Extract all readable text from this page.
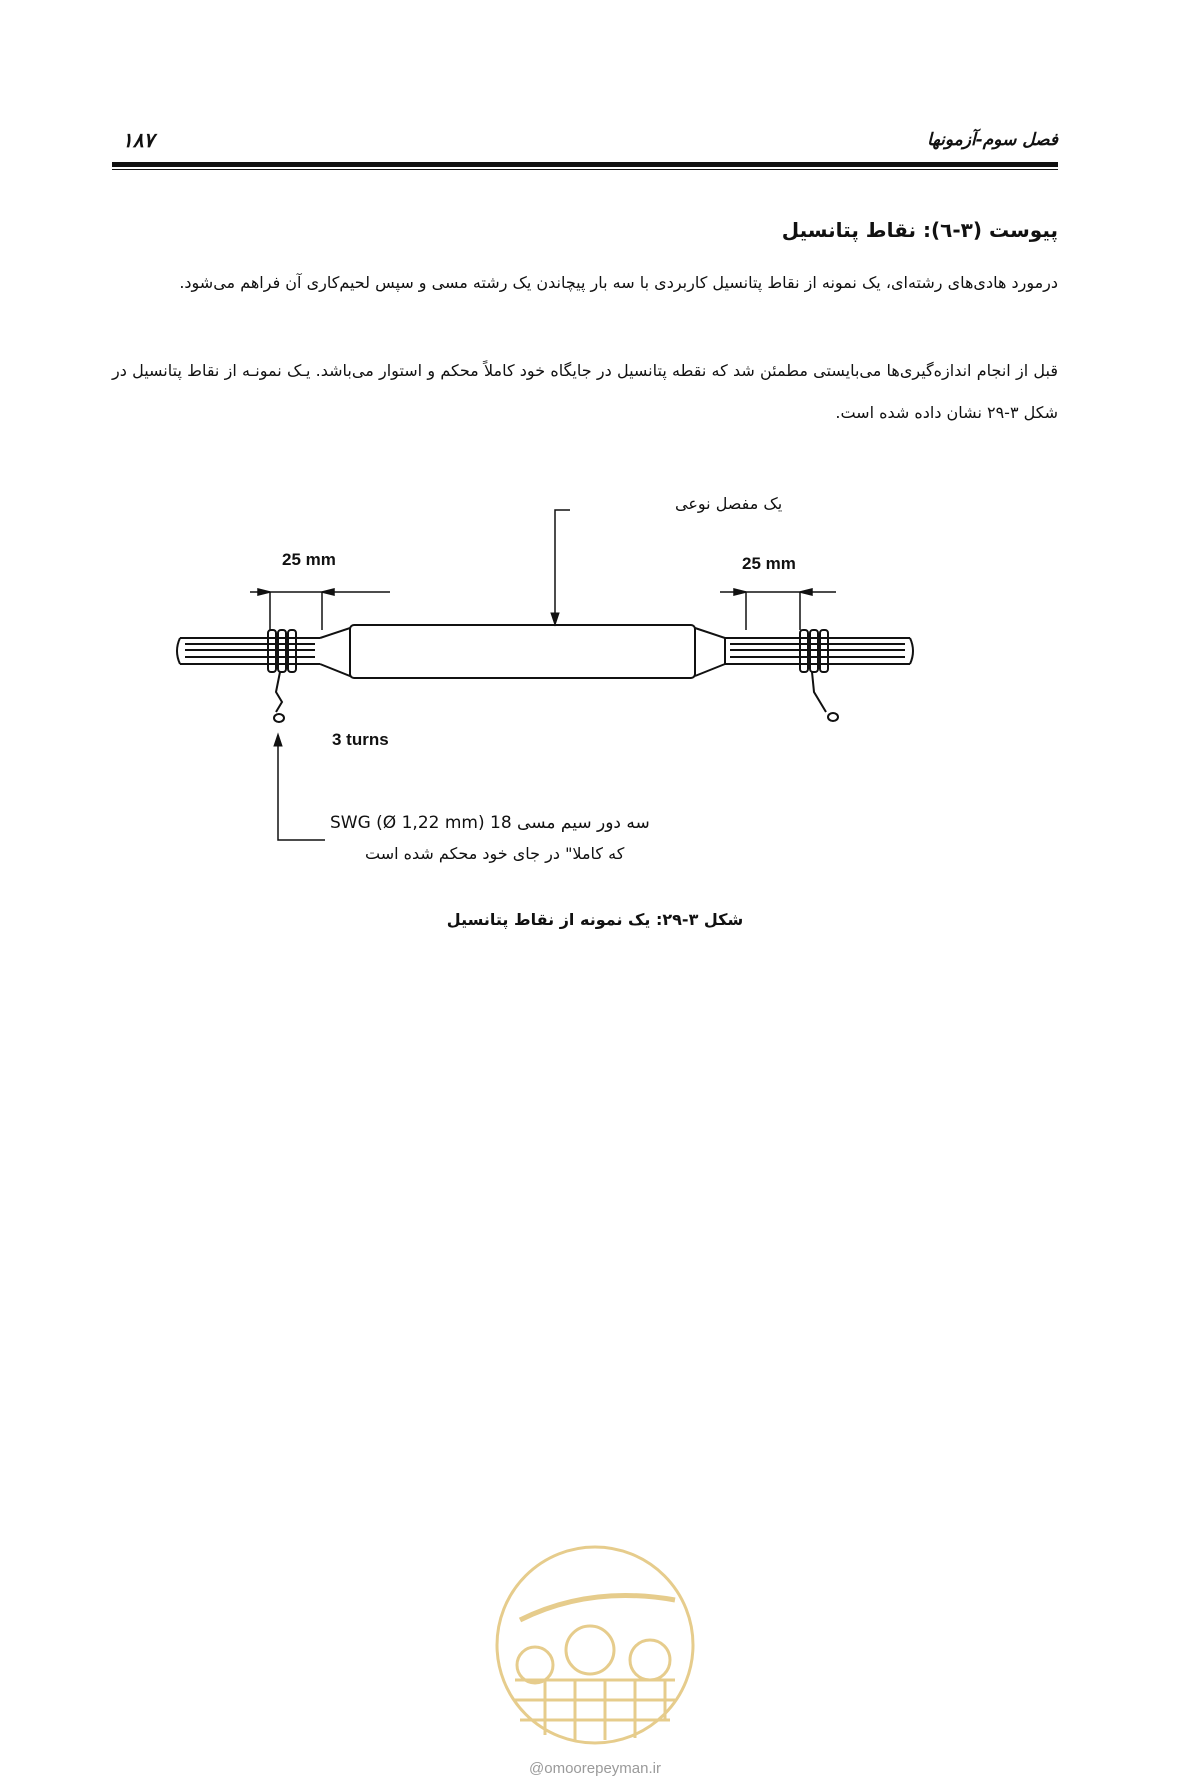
۱۸۷	فصل سوم-آزمونها
پیوست (۳-٦): نقاط پتانسیل
درمورد هادی‌های رشته‌ای، یک نمونه از نقاط پتانسیل کاربردی با سه بار پیچاندن یک رشته مسی و سپس لحیم‌کاری آن فراهم می‌شود.
قبل از انجام اندازه‌گیری‌ها می‌بایستی مطمئن شد که نقطه پتانسیل در جایگاه خود کاملاً محکم و استوار می‌باشد. یـک نمونـه از نقاط پتانسیل در شکل ۳-۲۹ نشان داده شده است.
یک مفصل نوعی
25 mm	25 mm
3 turns
سه دور سیم مسی 18 SWG (Ø 1,22 mm)
که کاملا" در جای خود محکم شده است
شکل ۳-۲۹: یک نمونه از نقاط پتانسیل
@omoorepeyman.ir
